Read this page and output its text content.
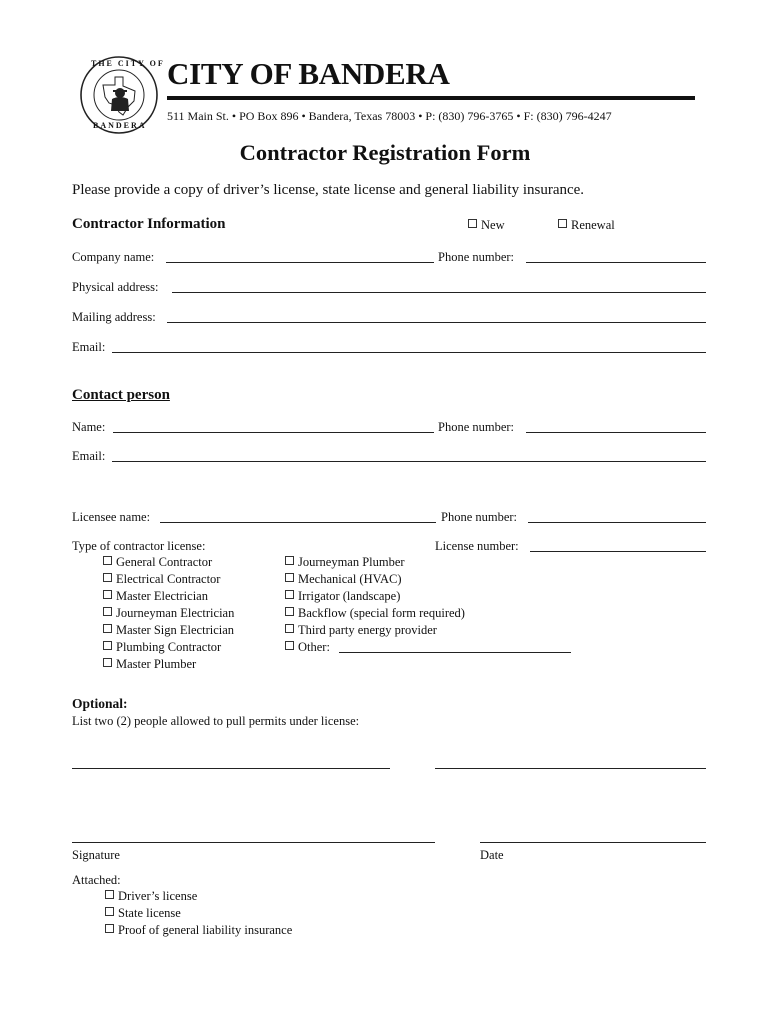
THE CITY OF
BANDERA
CITY OF BANDERA
511 Main St. • PO Box 896 • Bandera, Texas 78003 • P: (830) 796-3765 • F: (830) 796-4247
Contractor Registration Form
Please provide a copy of driver’s license, state license and general liability insurance.
Contractor Information	New	Renewal
Company name:	Phone number:
Physical address:
Mailing address:
Email:
Contact person
Name:	Phone number:
Email:
Licensee name:	Phone number:
Type of contractor license:	License number:
General Contractor
Electrical Contractor
Master Electrician
Journeyman Electrician
Master Sign Electrician
Plumbing Contractor
Master Plumber
Journeyman Plumber
Mechanical (HVAC)
Irrigator (landscape)
Backflow (special form required)
Third party energy provider
Other:
Optional:
List two (2) people allowed to pull permits under license:
Signature	Date
Attached:
Driver’s license
State license
Proof of general liability insurance
